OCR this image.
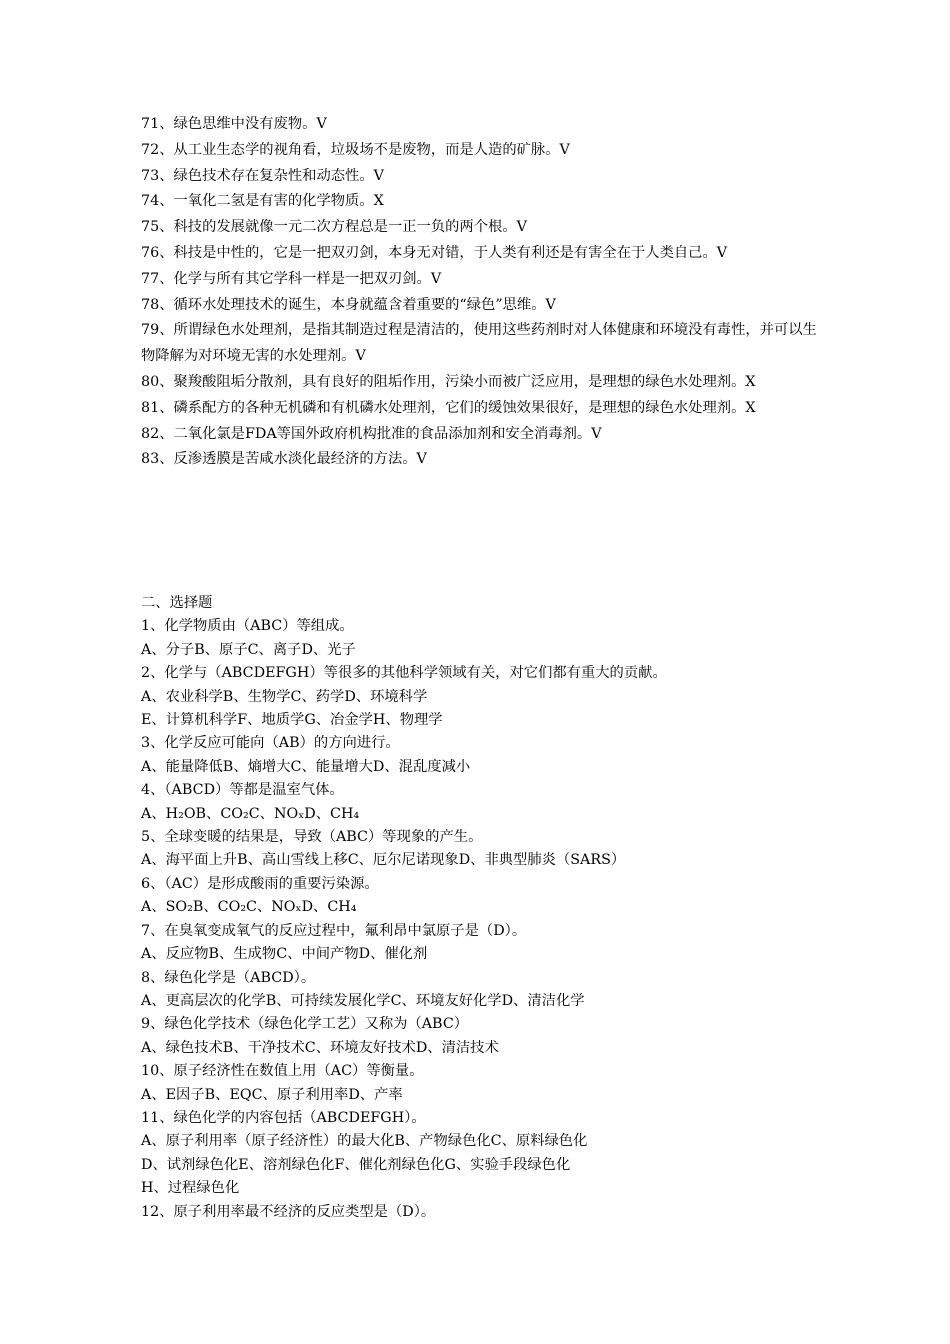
71、绿色思维中没有废物。V
72、从工业生态学的视角看，垃圾场不是废物，而是人造的矿脉。V
73、绿色技术存在复杂性和动态性。V
74、一氧化二氢是有害的化学物质。X
75、科技的发展就像一元二次方程总是一正一负的两个根。V
76、科技是中性的，它是一把双刃剑，本身无对错，于人类有利还是有害全在于人类自己。V
77、化学与所有其它学科一样是一把双刃剑。V
78、循环水处理技术的诞生，本身就蕴含着重要的“绿色”思维。V
79、所谓绿色水处理剂，是指其制造过程是清洁的，使用这些药剂时对人体健康和环境没有毒性，并可以生物降解为对环境无害的水处理剂。V
80、聚羧酸阻垢分散剂，具有良好的阻垢作用，污染小而被广泛应用，是理想的绿色水处理剂。X
81、磷系配方的各种无机磷和有机磷水处理剂，它们的缓蚀效果很好，是理想的绿色水处理剂。X
82、二氧化氯是FDA等国外政府机构批准的食品添加剂和安全消毒剂。V
83、反渗透膜是苦咸水淡化最经济的方法。V
二、选择题
1、化学物质由（ABC）等组成。
A、分子B、原子C、离子D、光子
2、化学与（ABCDEFGH）等很多的其他科学领域有关，对它们都有重大的贡献。
A、农业科学B、生物学C、药学D、环境科学
E、计算机科学F、地质学G、冶金学H、物理学
3、化学反应可能向（AB）的方向进行。
A、能量降低B、熵增大C、能量增大D、混乱度减小
4、（ABCD）等都是温室气体。
A、H₂OB、CO₂C、NOₓD、CH₄
5、全球变暖的结果是，导致（ABC）等现象的产生。
A、海平面上升B、高山雪线上移C、厄尔尼诺现象D、非典型肺炎（SARS）
6、（AC）是形成酸雨的重要污染源。
A、SO₂B、CO₂C、NOₓD、CH₄
7、在臭氧变成氧气的反应过程中，氟利昂中氯原子是（D）。
A、反应物B、生成物C、中间产物D、催化剂
8、绿色化学是（ABCD）。
A、更高层次的化学B、可持续发展化学C、环境友好化学D、清洁化学
9、绿色化学技术（绿色化学工艺）又称为（ABC）
A、绿色技术B、干净技术C、环境友好技术D、清洁技术
10、原子经济性在数值上用（AC）等衡量。
A、E因子B、EQC、原子利用率D、产率
11、绿色化学的内容包括（ABCDEFGH）。
A、原子利用率（原子经济性）的最大化B、产物绿色化C、原料绿色化
D、试剂绿色化E、溶剂绿色化F、催化剂绿色化G、实验手段绿色化
H、过程绿色化
12、原子利用率最不经济的反应类型是（D）。
